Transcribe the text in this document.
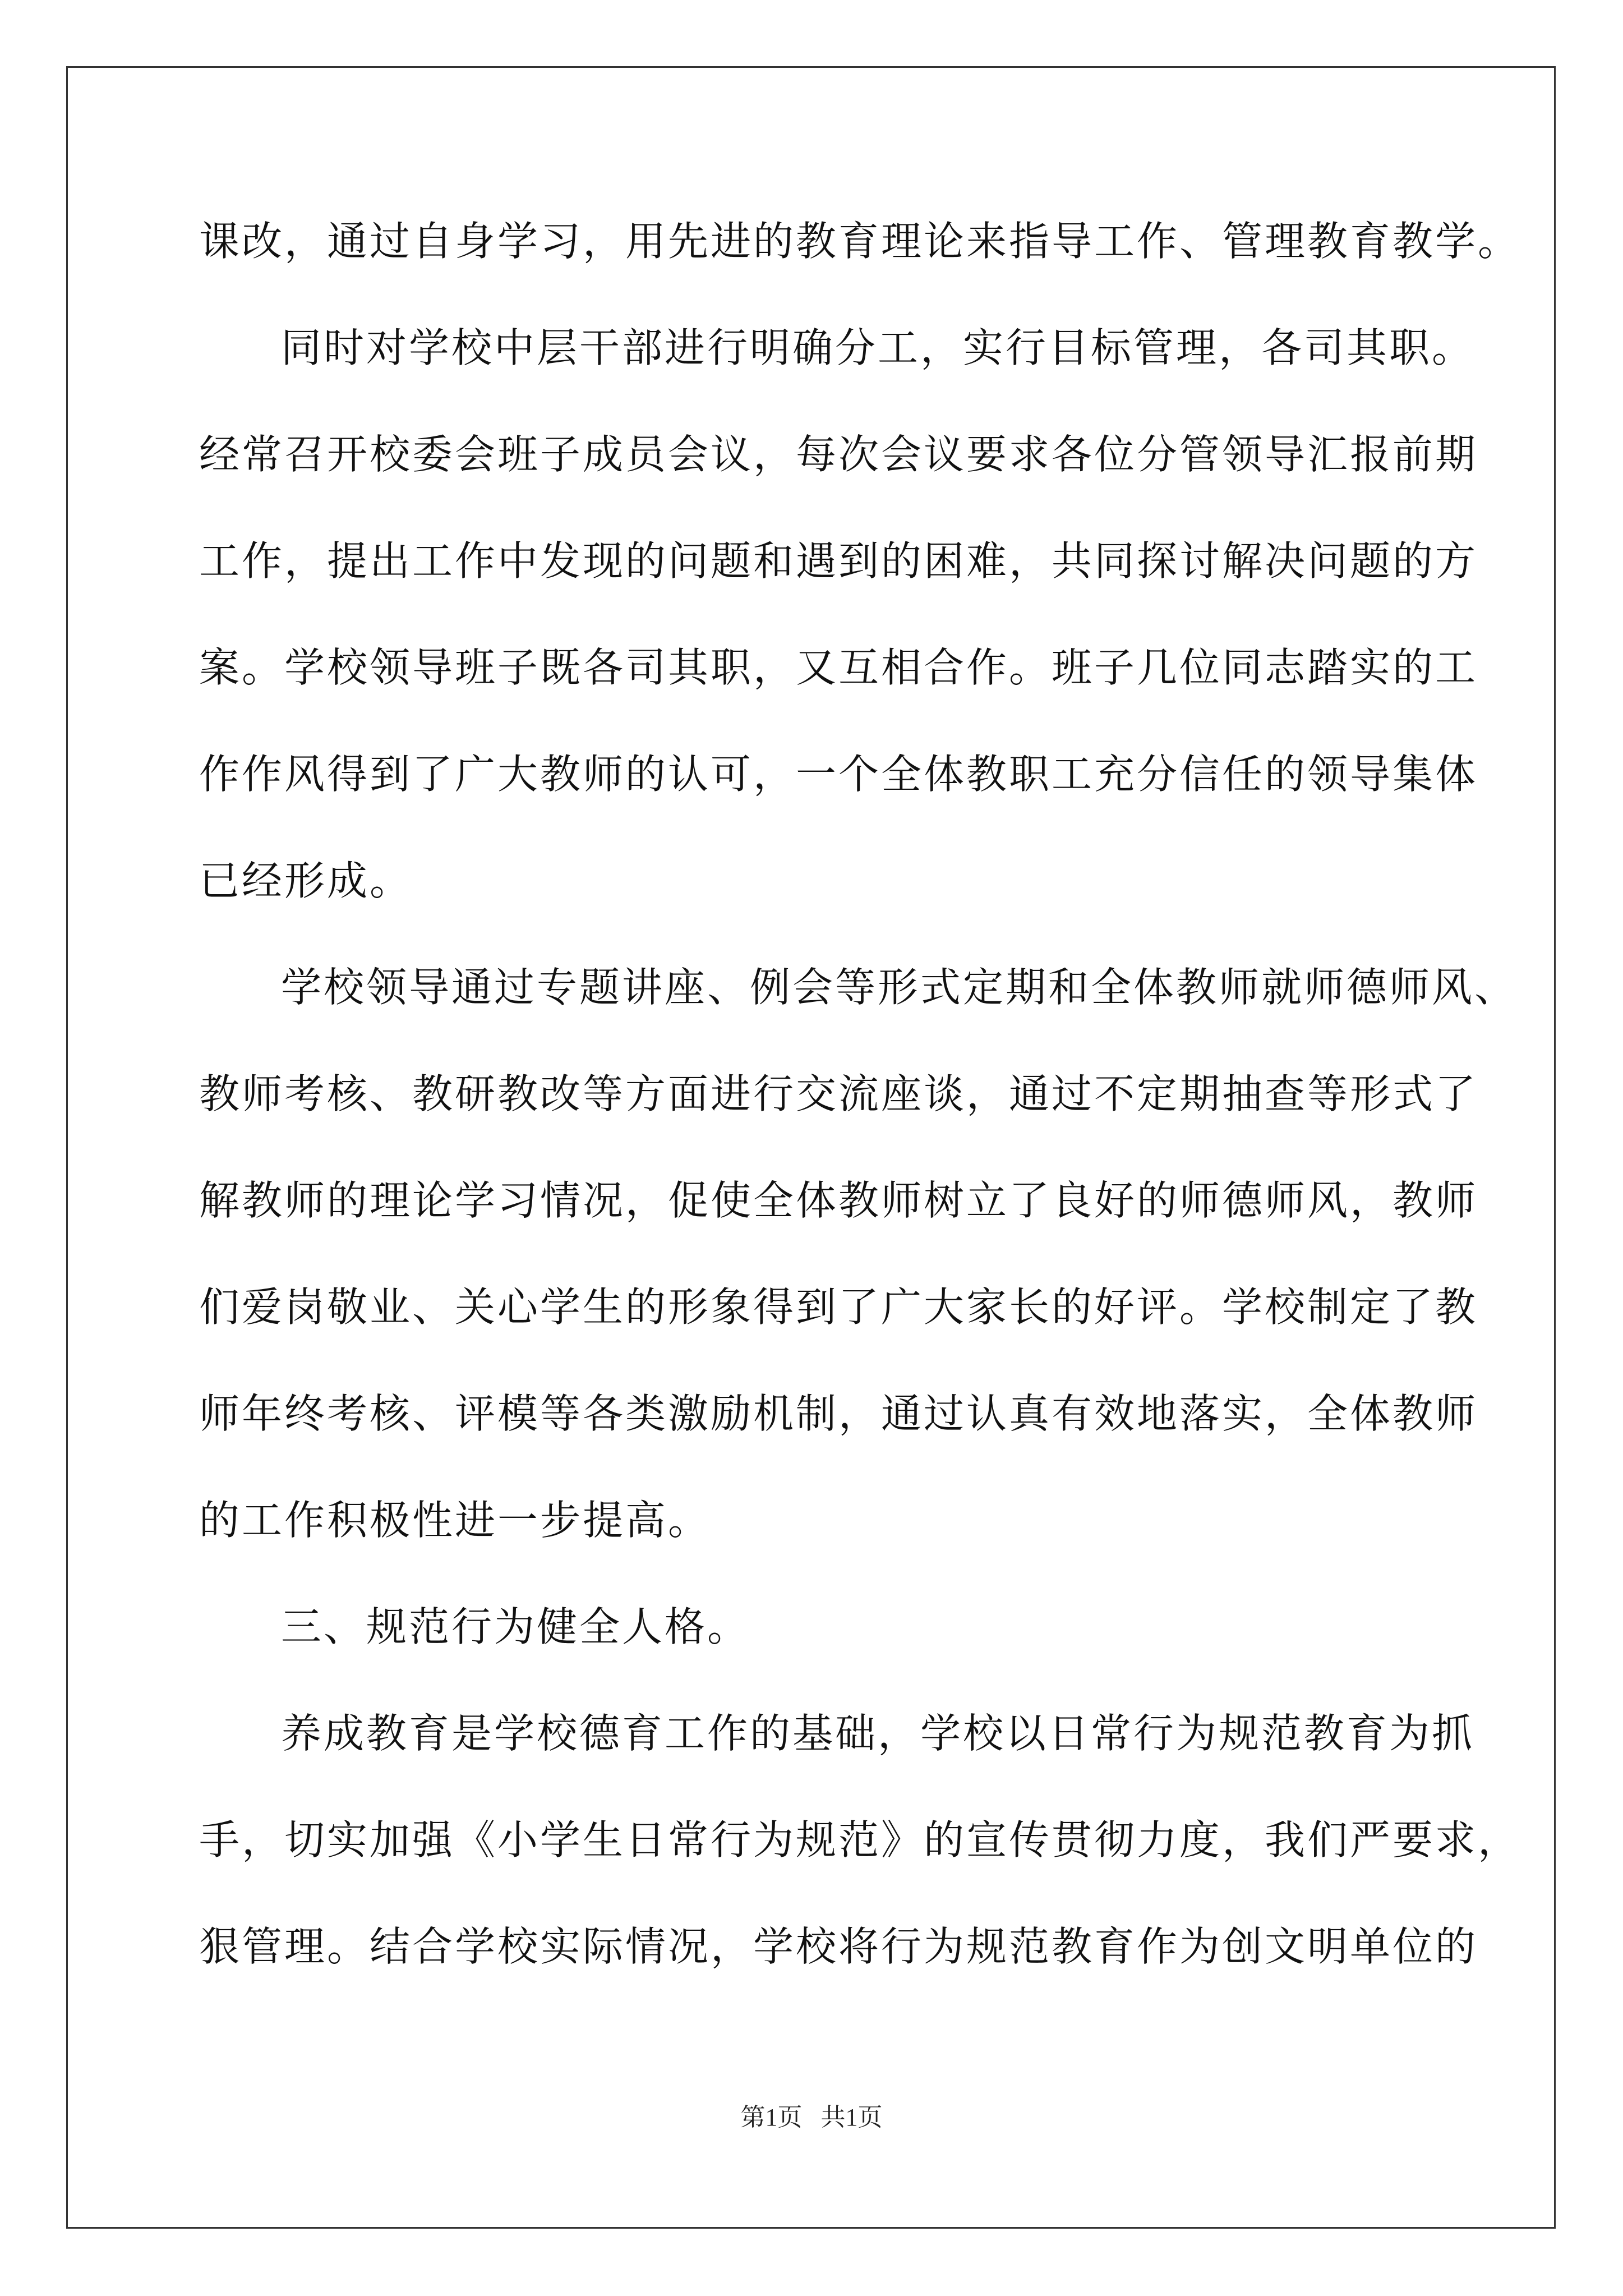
课改，通过自身学习，用先进的教育理论来指导工作、管理教育教学。
同时对学校中层干部进行明确分工，实行目标管理，各司其职。
经常召开校委会班子成员会议，每次会议要求各位分管领导汇报前期
工作，提出工作中发现的问题和遇到的困难，共同探讨解决问题的方
案。学校领导班子既各司其职，又互相合作。班子几位同志踏实的工
作作风得到了广大教师的认可，一个全体教职工充分信任的领导集体
已经形成。
学校领导通过专题讲座、例会等形式定期和全体教师就师德师风、
教师考核、教研教改等方面进行交流座谈，通过不定期抽查等形式了
解教师的理论学习情况，促使全体教师树立了良好的师德师风，教师
们爱岗敬业、关心学生的形象得到了广大家长的好评。学校制定了教
师年终考核、评模等各类激励机制，通过认真有效地落实，全体教师
的工作积极性进一步提高。
三、规范行为健全人格。
养成教育是学校德育工作的基础，学校以日常行为规范教育为抓
手，切实加强《小学生日常行为规范》的宣传贯彻力度，我们严要求，
狠管理。结合学校实际情况，学校将行为规范教育作为创文明单位的
第1页   共1页
